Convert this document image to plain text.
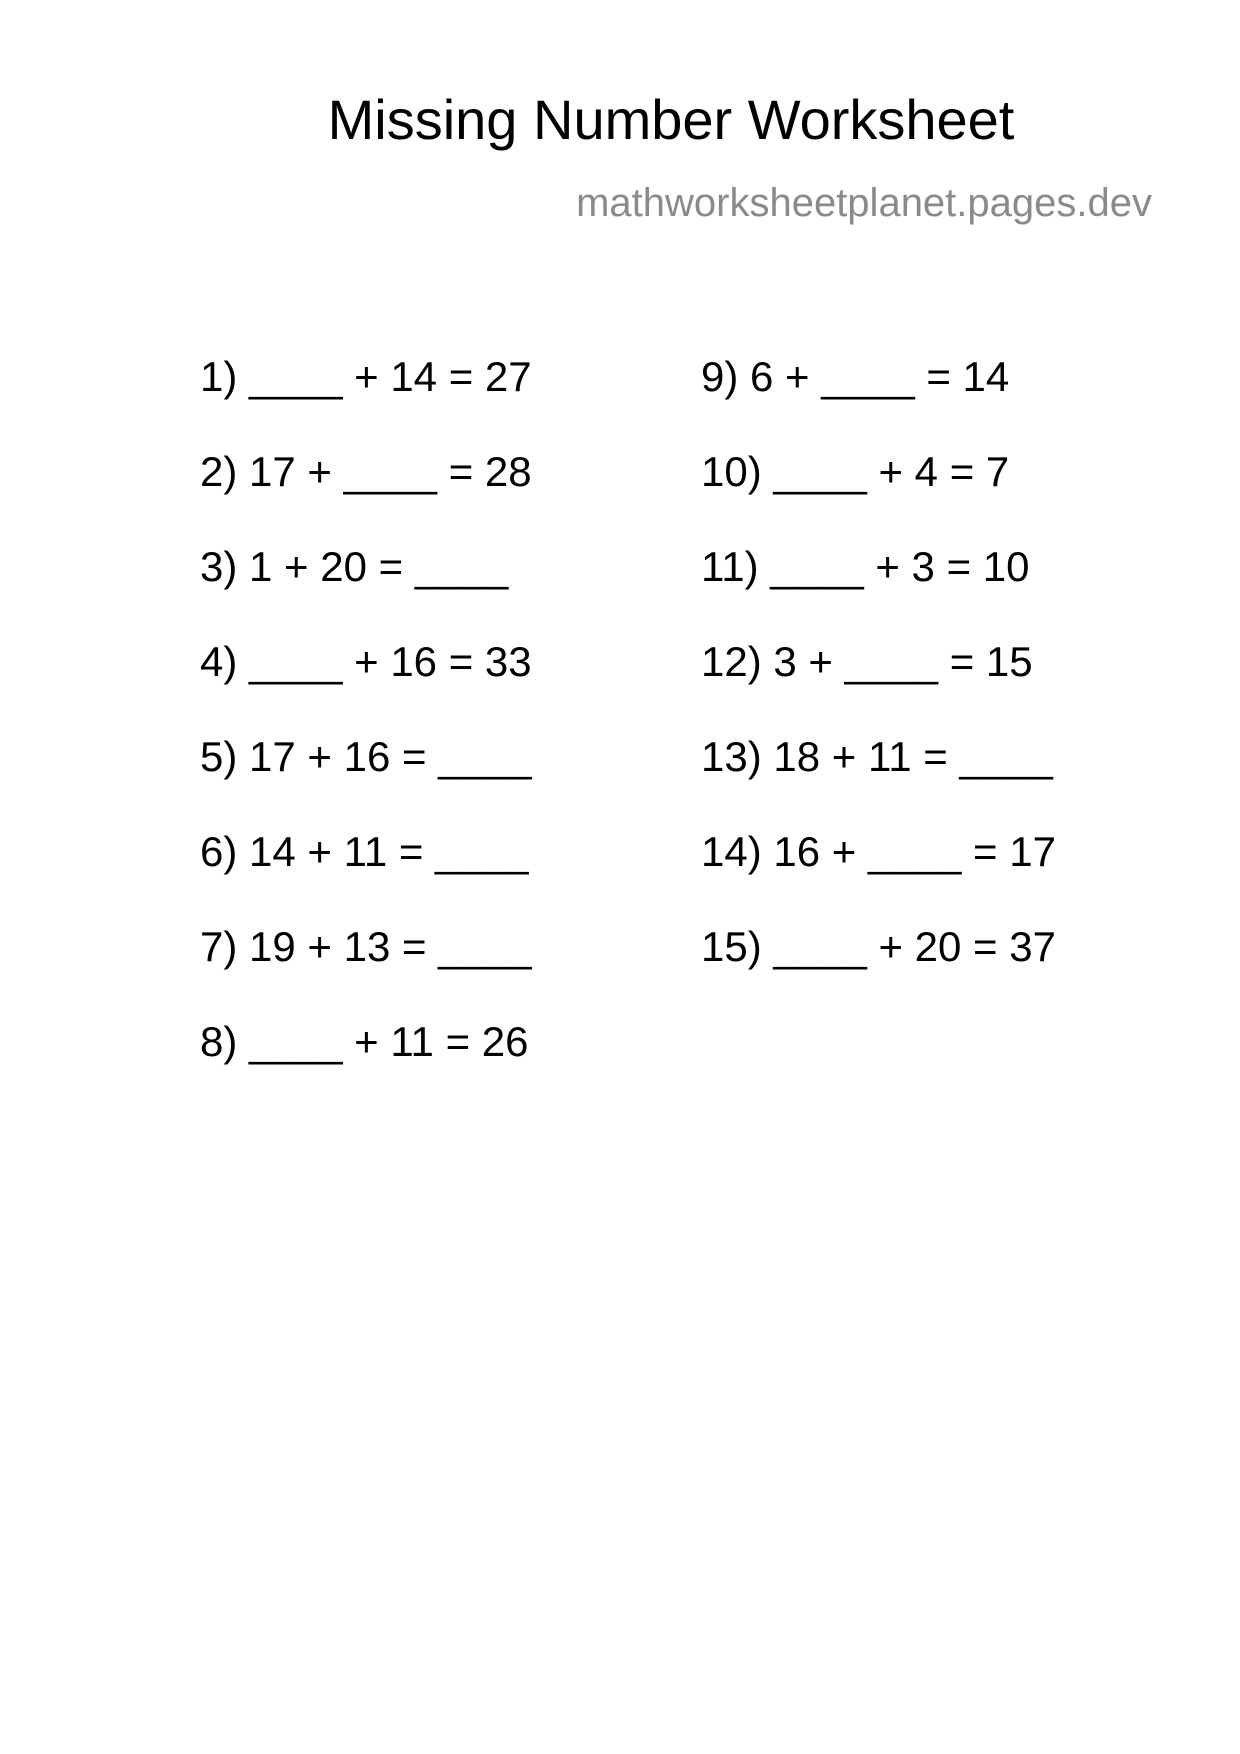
Missing Number Worksheet
mathworksheetplanet.pages.dev
1) ____ + 14 = 27
2) 17 + ____ = 28
3) 1 + 20 = ____
4) ____ + 16 = 33
5) 17 + 16 = ____
6) 14 + 11 = ____
7) 19 + 13 = ____
8) ____ + 11 = 26
9) 6 + ____ = 14
10) ____ + 4 = 7
11) ____ + 3 = 10
12) 3 + ____ = 15
13) 18 + 11 = ____
14) 16 + ____ = 17
15) ____ + 20 = 37
